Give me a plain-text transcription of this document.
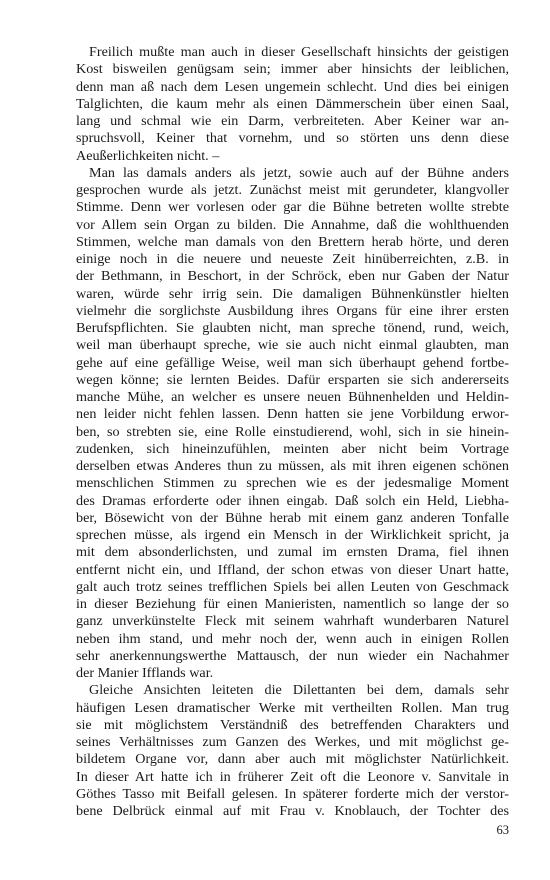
Freilich mußte man auch in dieser Gesellschaft hinsichts der geistigen
Kost bisweilen genügsam sein; immer aber hinsichts der leiblichen,
denn man aß nach dem Lesen ungemein schlecht. Und dies bei einigen
Talglichten, die kaum mehr als einen Dämmerschein über einen Saal,
lang und schmal wie ein Darm, verbreiteten. Aber Keiner war an-
spruchsvoll, Keiner that vornehm, und so störten uns denn diese
Aeußerlichkeiten nicht. –
Man las damals anders als jetzt, sowie auch auf der Bühne anders
gesprochen wurde als jetzt. Zunächst meist mit gerundeter, klangvoller
Stimme. Denn wer vorlesen oder gar die Bühne betreten wollte strebte
vor Allem sein Organ zu bilden. Die Annahme, daß die wohlthuenden
Stimmen, welche man damals von den Brettern herab hörte, und deren
einige noch in die neuere und neueste Zeit hinüberreichten, z.B. in
der Bethmann, in Beschort, in der Schröck, eben nur Gaben der Natur
waren, würde sehr irrig sein. Die damaligen Bühnenkünstler hielten
vielmehr die sorglichste Ausbildung ihres Organs für eine ihrer ersten
Berufspflichten. Sie glaubten nicht, man spreche tönend, rund, weich,
weil man überhaupt spreche, wie sie auch nicht einmal glaubten, man
gehe auf eine gefällige Weise, weil man sich überhaupt gehend fortbe-
wegen könne; sie lernten Beides. Dafür ersparten sie sich andererseits
manche Mühe, an welcher es unsere neuen Bühnenhelden und Heldin-
nen leider nicht fehlen lassen. Denn hatten sie jene Vorbildung erwor-
ben, so strebten sie, eine Rolle einstudierend, wohl, sich in sie hinein-
zudenken, sich hineinzufühlen, meinten aber nicht beim Vortrage
derselben etwas Anderes thun zu müssen, als mit ihren eigenen schönen
menschlichen Stimmen zu sprechen wie es der jedesmalige Moment
des Dramas erforderte oder ihnen eingab. Daß solch ein Held, Liebha-
ber, Bösewicht von der Bühne herab mit einem ganz anderen Tonfalle
sprechen müsse, als irgend ein Mensch in der Wirklichkeit spricht, ja
mit dem absonderlichsten, und zumal im ernsten Drama, fiel ihnen
entfernt nicht ein, und Iffland, der schon etwas von dieser Unart hatte,
galt auch trotz seines trefflichen Spiels bei allen Leuten von Geschmack
in dieser Beziehung für einen Manieristen, namentlich so lange der so
ganz unverkünstelte Fleck mit seinem wahrhaft wunderbaren Naturel
neben ihm stand, und mehr noch der, wenn auch in einigen Rollen
sehr anerkennungswerthe Mattausch, der nun wieder ein Nachahmer
der Manier Ifflands war.
Gleiche Ansichten leiteten die Dilettanten bei dem, damals sehr
häufigen Lesen dramatischer Werke mit vertheilten Rollen. Man trug
sie mit möglichstem Verständniß des betreffenden Charakters und
seines Verhältnisses zum Ganzen des Werkes, und mit möglichst ge-
bildetem Organe vor, dann aber auch mit möglichster Natürlichkeit.
In dieser Art hatte ich in früherer Zeit oft die Leonore v. Sanvitale in
Göthes Tasso mit Beifall gelesen. In späterer forderte mich der verstor-
bene Delbrück einmal auf mit Frau v. Knoblauch, der Tochter des
63
